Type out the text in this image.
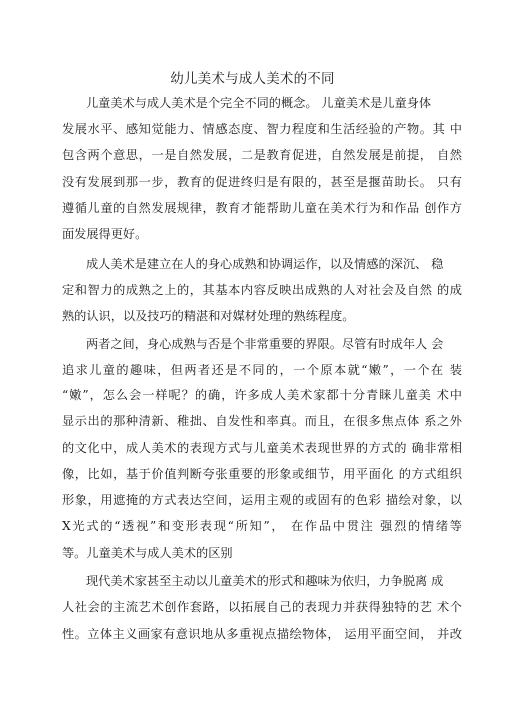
幼儿美术与成人美术的不同
儿童美术与成人美术是个完全不同的概念。 儿童美术是儿童身体
发展水平、感知觉能力、情感态度、智力程度和生活经验的产物。其 中
包含两个意思，一是自然发展，二是教育促进，自然发展是前提， 自然
没有发展到那一步，教育的促进终归是有限的，甚至是揠苗助长。 只有
遵循儿童的自然发展规律，教育才能帮助儿童在美术行为和作品 创作方
面发展得更好。
成人美术是建立在人的身心成熟和协调运作，以及情感的深沉、 稳
定和智力的成熟之上的，其基本内容反映出成熟的人对社会及自然 的成
熟的认识，以及技巧的精湛和对媒材处理的熟练程度。
两者之间，身心成熟与否是个非常重要的界限。尽管有时成年人 会
追求儿童的趣味，但两者还是不同的，一个原本就“嫩”，一个在 装
“嫩”，怎么会一样呢？的确，许多成人美术家都十分青睐儿童美 术中
显示出的那种清新、稚拙、自发性和率真。而且，在很多焦点体 系之外
的文化中，成人美术的表现方式与儿童美术表现世界的方式的 确非常相
像，比如，基于价值判断夸张重要的形象或细节，用平面化 的方式组织
形象，用遮掩的方式表达空间，运用主观的或固有的色彩 描绘对象，以
X光式的“透视”和变形表现“所知”， 在作品中贯注 强烈的情绪等
等。儿童美术与成人美术的区别
现代美术家甚至主动以儿童美术的形式和趣味为依归，力争脱离 成
人社会的主流艺术创作套路，以拓展自己的表现力并获得独特的艺 术个
性。立体主义画家有意识地从多重视点描绘物体， 运用平面空间， 并改
